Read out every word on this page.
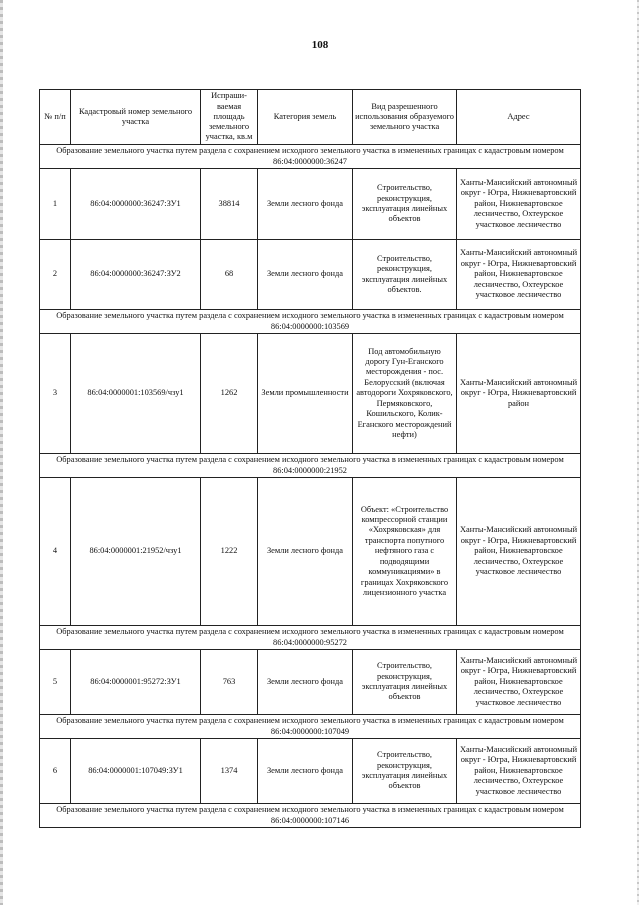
108
№ п/п	Кадастровый номер земельного участка	Испраши-ваемая площадь земельного участка, кв.м	Категория земель	Вид разрешенного использования образуемого земельного участка	Адрес
Образование земельного участка путем раздела с сохранением исходного земельного участка в измененных границах с кадастровым номером 86:04:0000000:36247					
1	86:04:0000000:36247:ЗУ1	38814	Земли лесного фонда	Строительство, реконструкция, эксплуатация линейных объектов	Ханты-Мансийский автономный округ - Югра, Нижневартовский район, Нижневартовское лесничество, Охтеурское участковое лесничество
2	86:04:0000000:36247:ЗУ2	68	Земли лесного фонда	Строительство, реконструкция, эксплуатация линейных объектов.	Ханты-Мансийский автономный округ - Югра, Нижневартовский район, Нижневартовское лесничество, Охтеурское участковое лесничество
Образование земельного участка путем раздела с сохранением исходного земельного участка в измененных границах с кадастровым номером 86:04:0000000:103569					
3	86:04:0000001:103569/чзу1	1262	Земли промышленности	Под автомобильную дорогу Гун-Еганского месторождения - пос. Белорусский (включая автодороги Хохряковского, Пермяковского, Кошильского, Колик-Еганского месторождений нефти)	Ханты-Мансийский автономный округ - Югра, Нижневартовский район
Образование земельного участка путем раздела с сохранением исходного земельного участка в измененных границах с кадастровым номером 86:04:0000000:21952					
4	86:04:0000001:21952/чзу1	1222	Земли лесного фонда	Объект: «Строительство компрессорной станции «Хохряковская» для транспорта попутного нефтяного газа с подводящими коммуникациями» в границах Хохряковского лицензионного участка	Ханты-Мансийский автономный округ - Югра, Нижневартовский район, Нижневартовское лесничество, Охтеурское участковое лесничество
Образование земельного участка путем раздела с сохранением исходного земельного участка в измененных границах с кадастровым номером 86:04:0000000:95272					
5	86:04:0000001:95272:ЗУ1	763	Земли лесного фонда	Строительство, реконструкция, эксплуатация линейных объектов	Ханты-Мансийский автономный округ - Югра, Нижневартовский район, Нижневартовское лесничество, Охтеурское участковое лесничество
Образование земельного участка путем раздела с сохранением исходного земельного участка в измененных границах с кадастровым номером 86:04:0000000:107049					
6	86:04:0000001:107049:ЗУ1	1374	Земли лесного фонда	Строительство, реконструкция, эксплуатация линейных объектов	Ханты-Мансийский автономный округ - Югра, Нижневартовский район, Нижневартовское лесничество, Охтеурское участковое лесничество
Образование земельного участка путем раздела с сохранением исходного земельного участка в измененных границах с кадастровым номером 86:04:0000000:107146					
